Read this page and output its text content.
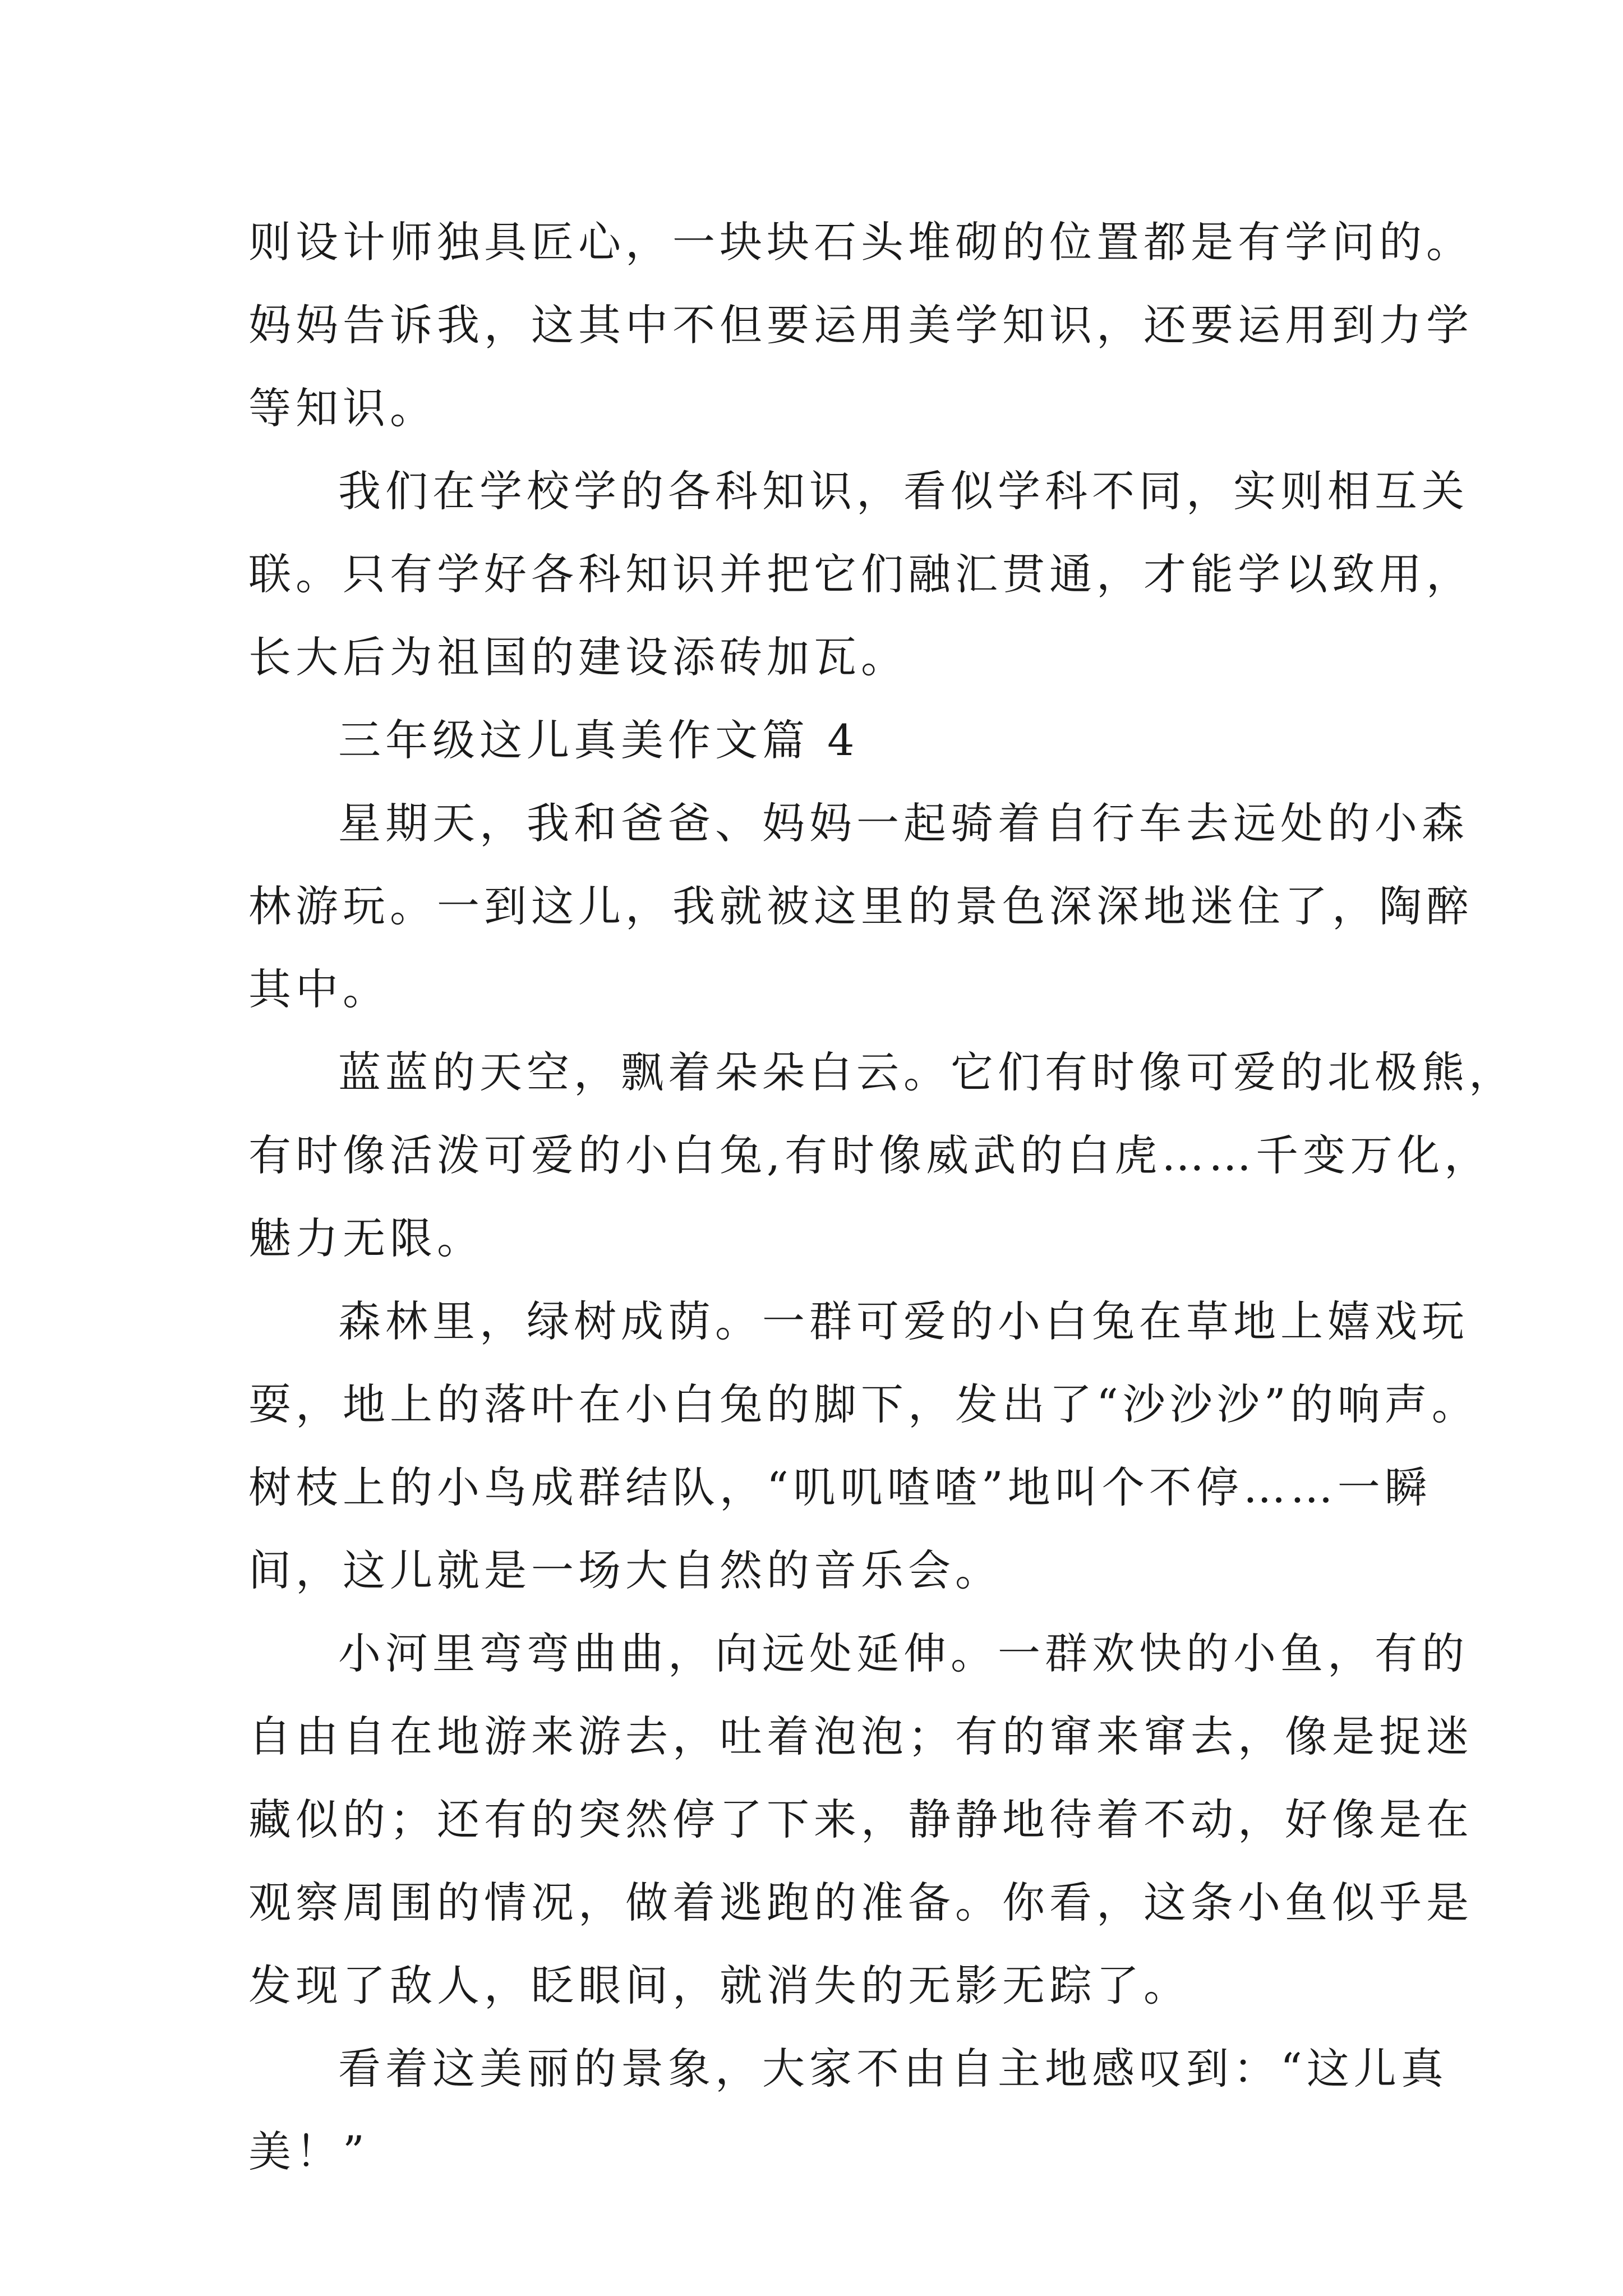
则设计师独具匠心，一块块石头堆砌的位置都是有学问的。
妈妈告诉我，这其中不但要运用美学知识，还要运用到力学
等知识。
我们在学校学的各科知识，看似学科不同，实则相互关
联。只有学好各科知识并把它们融汇贯通，才能学以致用，
长大后为祖国的建设添砖加瓦。
三年级这儿真美作文篇 4
星期天，我和爸爸、妈妈一起骑着自行车去远处的小森
林游玩。一到这儿，我就被这里的景色深深地迷住了，陶醉
其中。
蓝蓝的天空，飘着朵朵白云。它们有时像可爱的北极熊，
有时像活泼可爱的小白兔,有时像威武的白虎……千变万化，
魅力无限。
森林里，绿树成荫。一群可爱的小白兔在草地上嬉戏玩
耍，地上的落叶在小白兔的脚下，发出了“沙沙沙”的响声。
树枝上的小鸟成群结队，“叽叽喳喳”地叫个不停……一瞬
间，这儿就是一场大自然的音乐会。
小河里弯弯曲曲，向远处延伸。一群欢快的小鱼，有的
自由自在地游来游去，吐着泡泡；有的窜来窜去，像是捉迷
藏似的；还有的突然停了下来，静静地待着不动，好像是在
观察周围的情况，做着逃跑的准备。你看，这条小鱼似乎是
发现了敌人，眨眼间，就消失的无影无踪了。
看着这美丽的景象，大家不由自主地感叹到：“这儿真
美！”
